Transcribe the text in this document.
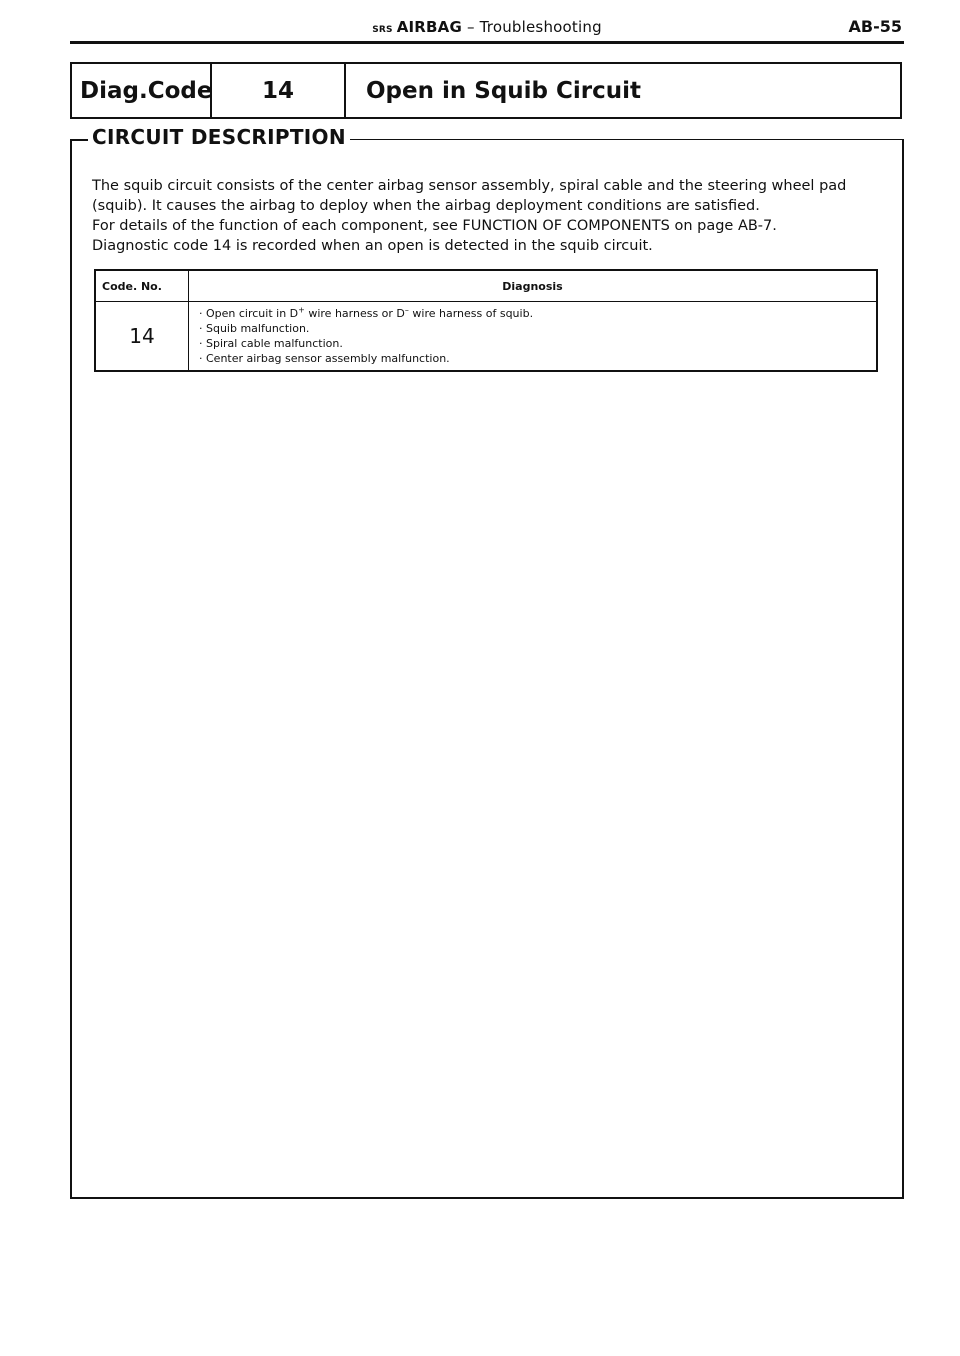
SRS AIRBAG – Troubleshooting	AB-55
Diag.Code	14	Open in Squib Circuit
CIRCUIT DESCRIPTION

The squib circuit consists of the center airbag sensor assembly, spiral cable and the steering wheel pad

(squib). It causes the airbag to deploy when the airbag deployment conditions are satisfied.

For details of the function of each component, see FUNCTION OF COMPONENTS on page AB-7.

Diagnostic code 14 is recorded when an open is detected in the squib circuit.

Code. No.	Diagnosis
14	· Open circuit in D+ wire harness or D– wire harness of squib.
· Squib malfunction.
· Spiral cable malfunction.
· Center airbag sensor assembly malfunction.
